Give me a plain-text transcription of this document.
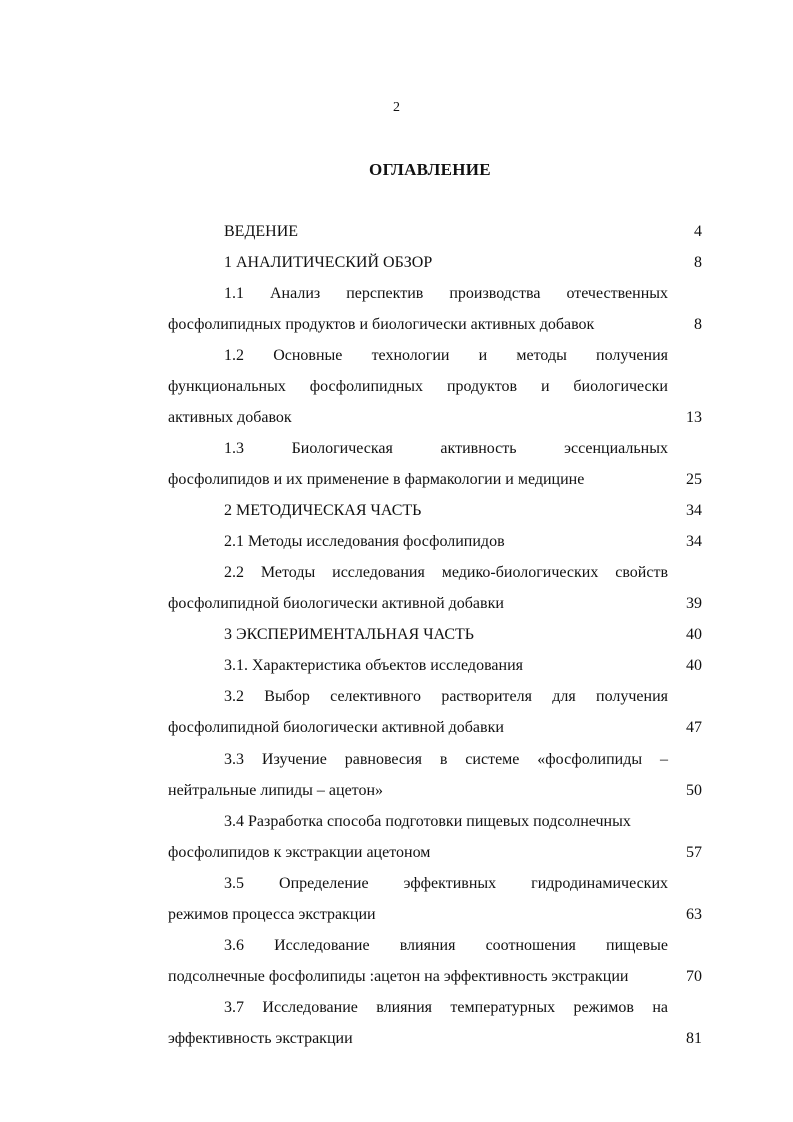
2
ОГЛАВЛЕНИЕ
ВЕДЕНИЕ	4
1 АНАЛИТИЧЕСКИЙ ОБЗОР	8
1.1 Анализ перспектив производства отечественных
фосфолипидных продуктов и биологически активных добавок	8
1.2 Основные технологии и методы получения
функциональных фосфолипидных продуктов и биологически
активных добавок	13
1.3 Биологическая активность эссенциальных
фосфолипидов и их применение в фармакологии и медицине	25
2 МЕТОДИЧЕСКАЯ ЧАСТЬ	34
2.1 Методы исследования фосфолипидов	34
2.2 Методы исследования медико-биологических свойств
фосфолипидной биологически активной добавки	39
3 ЭКСПЕРИМЕНТАЛЬНАЯ ЧАСТЬ	40
3.1. Характеристика объектов исследования	40
3.2 Выбор селективного растворителя для получения
фосфолипидной биологически активной добавки	47
3.3 Изучение равновесия в системе «фосфолипиды –
нейтральные липиды – ацетон»	50
3.4 Разработка способа подготовки пищевых подсолнечных
фосфолипидов к экстракции ацетоном	57
3.5 Определение эффективных гидродинамических
режимов процесса экстракции	63
3.6 Исследование влияния соотношения пищевые
подсолнечные фосфолипиды :ацетон на эффективность экстракции	70
3.7 Исследование влияния температурных режимов на
эффективность экстракции	81
